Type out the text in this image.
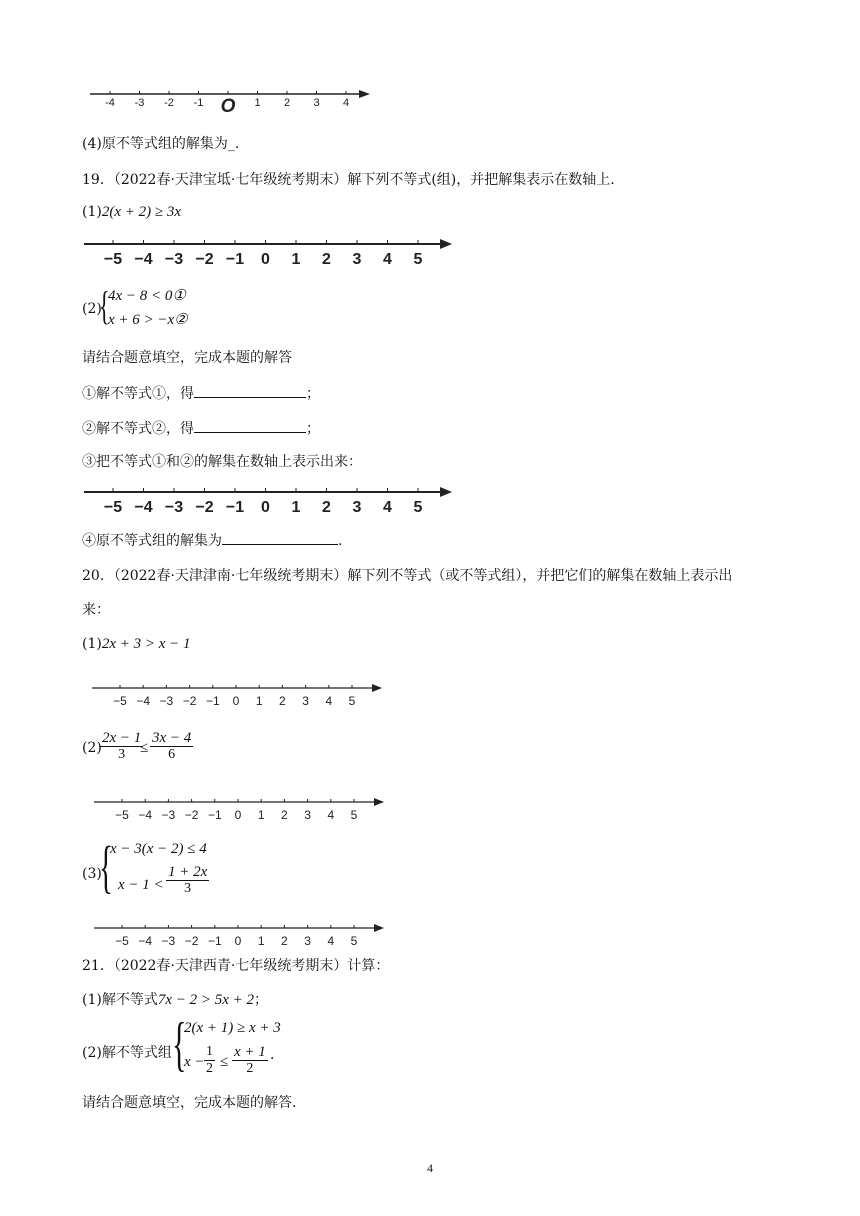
-4 -3 -2 -1 O 1 2 3 4
(4)原不等式组的解集为_.
19．（2022春·天津宝坻·七年级统考期末）解下列不等式(组)，并把解集表示在数轴上.
(1)2(x + 2) ≥ 3x
−5 −4 −3 −2 −1 0 1 2 3 4 5
(2)
{
4x − 8 < 0①
x + 6 > −x②
请结合题意填空，完成本题的解答
①解不等式①，得	；
②解不等式②，得	；
③把不等式①和②的解集在数轴上表示出来：
−5 −4 −3 −2 −1 0 1 2 3 4 5
④原不等式组的解集为	.
20．（2022春·天津津南·七年级统考期末）解下列不等式（或不等式组），并把它们的解集在数轴上表示出
来：
(1)2x + 3 > x − 1
−5 −4 −3 −2 −1 0 1 2 3 4 5
(2)
$\frac{2x - 1}{3}$
≤ $\frac{3x - 4}{6}$
−5 −4 −3 −2 −1 0 1 2 3 4 5
(3)
{
x − 3(x − 2) ≤ 4
$x - 1 < \frac{1 + 2x}{3}$
−5 −4 −3 −2 −1 0 1 2 3 4 5
21．（2022春·天津西青·七年级统考期末）计算：
(1)解不等式7x − 2 > 5x + 2；
(2)解不等式组 {
2(x + 1) ≥ x + 3
$x - \frac{1}{2} \le \frac{x + 1}{2}$ ．
请结合题意填空，完成本题的解答.
4
